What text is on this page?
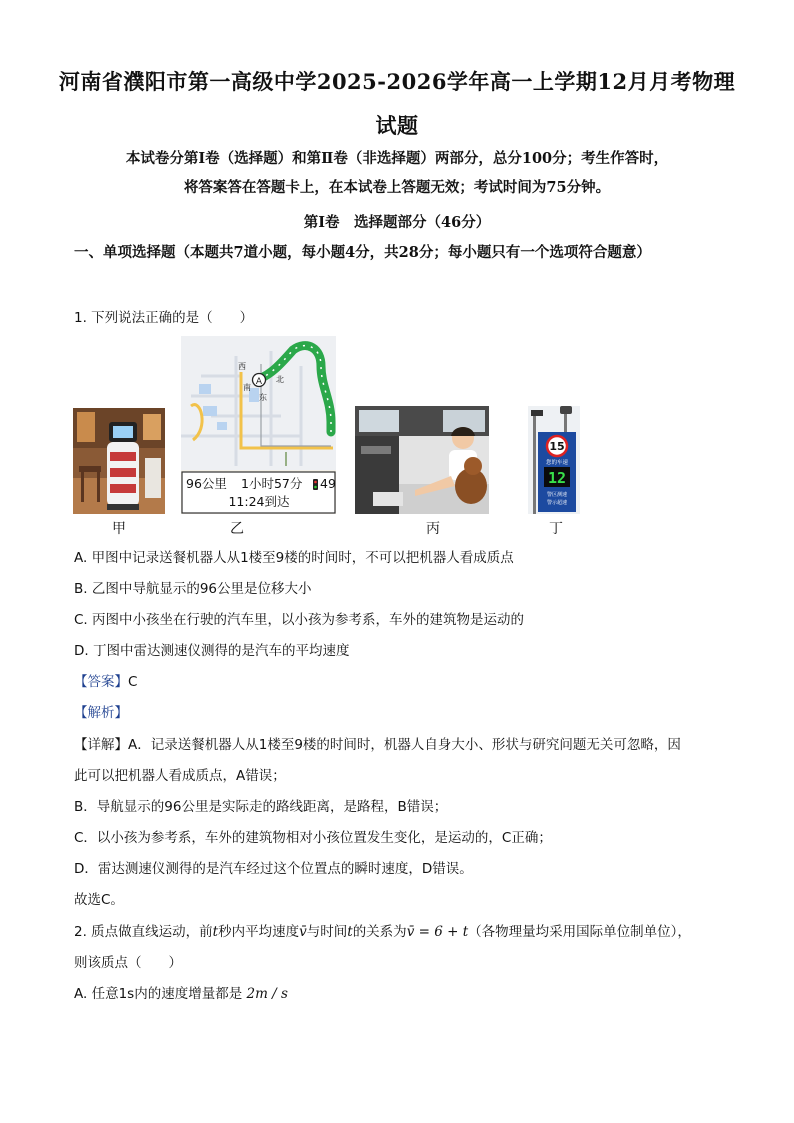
河南省濮阳市第一高级中学2025-2026学年高一上学期12月月考物理
试题
本试卷分第Ⅰ卷（选择题）和第Ⅱ卷（非选择题）两部分，总分100分；考生作答时，
将答案答在答题卡上，在本试卷上答题无效；考试时间为75分钟。
第Ⅰ卷　选择题部分（46分）
一、单项选择题（本题共7道小题，每小题4分，共28分；每小题只有一个选项符合题意）
1. 下列说法正确的是（　　）
甲
A
西
北
南
东
96公里 1小时57分 49
11:24到达
乙	丙
15
您的车速
12
警区测速
警示超速
丁
A. 甲图中记录送餐机器人从1楼至9楼的时间时，不可以把机器人看成质点
B. 乙图中导航显示的96公里是位移大小
C. 丙图中小孩坐在行驶的汽车里，以小孩为参考系，车外的建筑物是运动的
D. 丁图中雷达测速仪测得的是汽车的平均速度
【答案】C
【解析】
【详解】A．记录送餐机器人从1楼至9楼的时间时，机器人自身大小、形状与研究问题无关可忽略，因
此可以把机器人看成质点，A错误；
B．导航显示的96公里是实际走的路线距离，是路程，B错误；
C．以小孩为参考系，车外的建筑物相对小孩位置发生变化，是运动的，C正确；
D．雷达测速仪测得的是汽车经过这个位置点的瞬时速度，D错误。
故选C。
2. 质点做直线运动，前t秒内平均速度v̄与时间t的关系为v̄ = 6 + t（各物理量均采用国际单位制单位），
则该质点（　　）
A. 任意1s内的速度增量都是 2m / s
